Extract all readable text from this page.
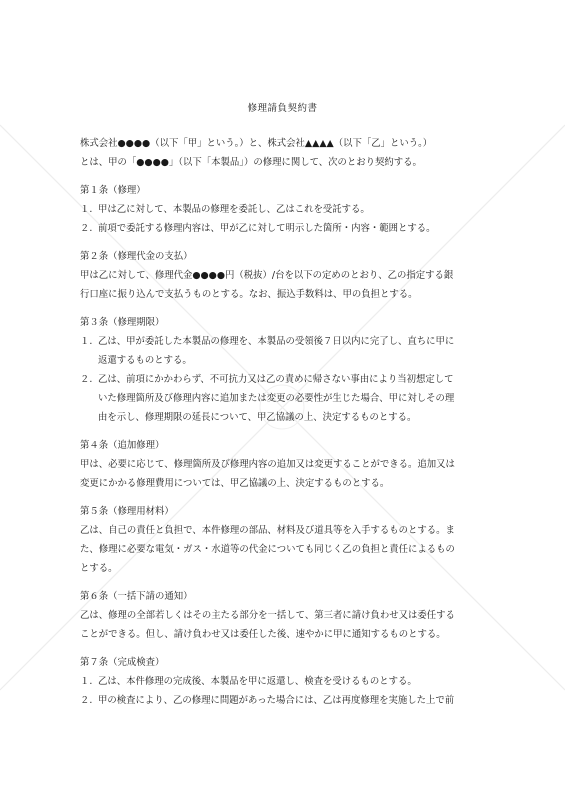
修理請負契約書

株式会社●●●●（以下「甲」という。）と、株式会社▲▲▲▲（以下「乙」という。）
とは、甲の「●●●●」（以下「本製品」）の修理に関して、次のとおり契約する。

第１条（修理）

１. 甲は乙に対して、本製品の修理を委託し、乙はこれを受託する。
２. 前項で委託する修理内容は、甲が乙に対して明示した箇所・内容・範囲とする。

第２条（修理代金の支払）

甲は乙に対して、修理代金●●●●円（税抜）/台を以下の定めのとおり、乙の指定する銀
行口座に振り込んで支払うものとする。なお、振込手数料は、甲の負担とする。

第３条（修理期限）

１. 乙は、甲が委託した本製品の修理を、本製品の受領後７日以内に完了し、直ちに甲に
返還するものとする。
２. 乙は、前項にかかわらず、不可抗力又は乙の責めに帰さない事由により当初想定して
いた修理箇所及び修理内容に追加または変更の必要性が生じた場合、甲に対しその理
由を示し、修理期限の延長について、甲乙協議の上、決定するものとする。

第４条（追加修理）

甲は、必要に応じて、修理箇所及び修理内容の追加又は変更することができる。追加又は
変更にかかる修理費用については、甲乙協議の上、決定するものとする。

第５条（修理用材料）

乙は、自己の責任と負担で、本件修理の部品、材料及び道具等を入手するものとする。ま
た、修理に必要な電気・ガス・水道等の代金についても同じく乙の負担と責任によるもの
とする。

第６条（一括下請の通知）

乙は、修理の全部若しくはその主たる部分を一括して、第三者に請け負わせ又は委任する
ことができる。但し、請け負わせ又は委任した後、速やかに甲に通知するものとする。

第７条（完成検査）

１. 乙は、本件修理の完成後、本製品を甲に返還し、検査を受けるものとする。
２. 甲の検査により、乙の修理に問題があった場合には、乙は再度修理を実施した上で前
